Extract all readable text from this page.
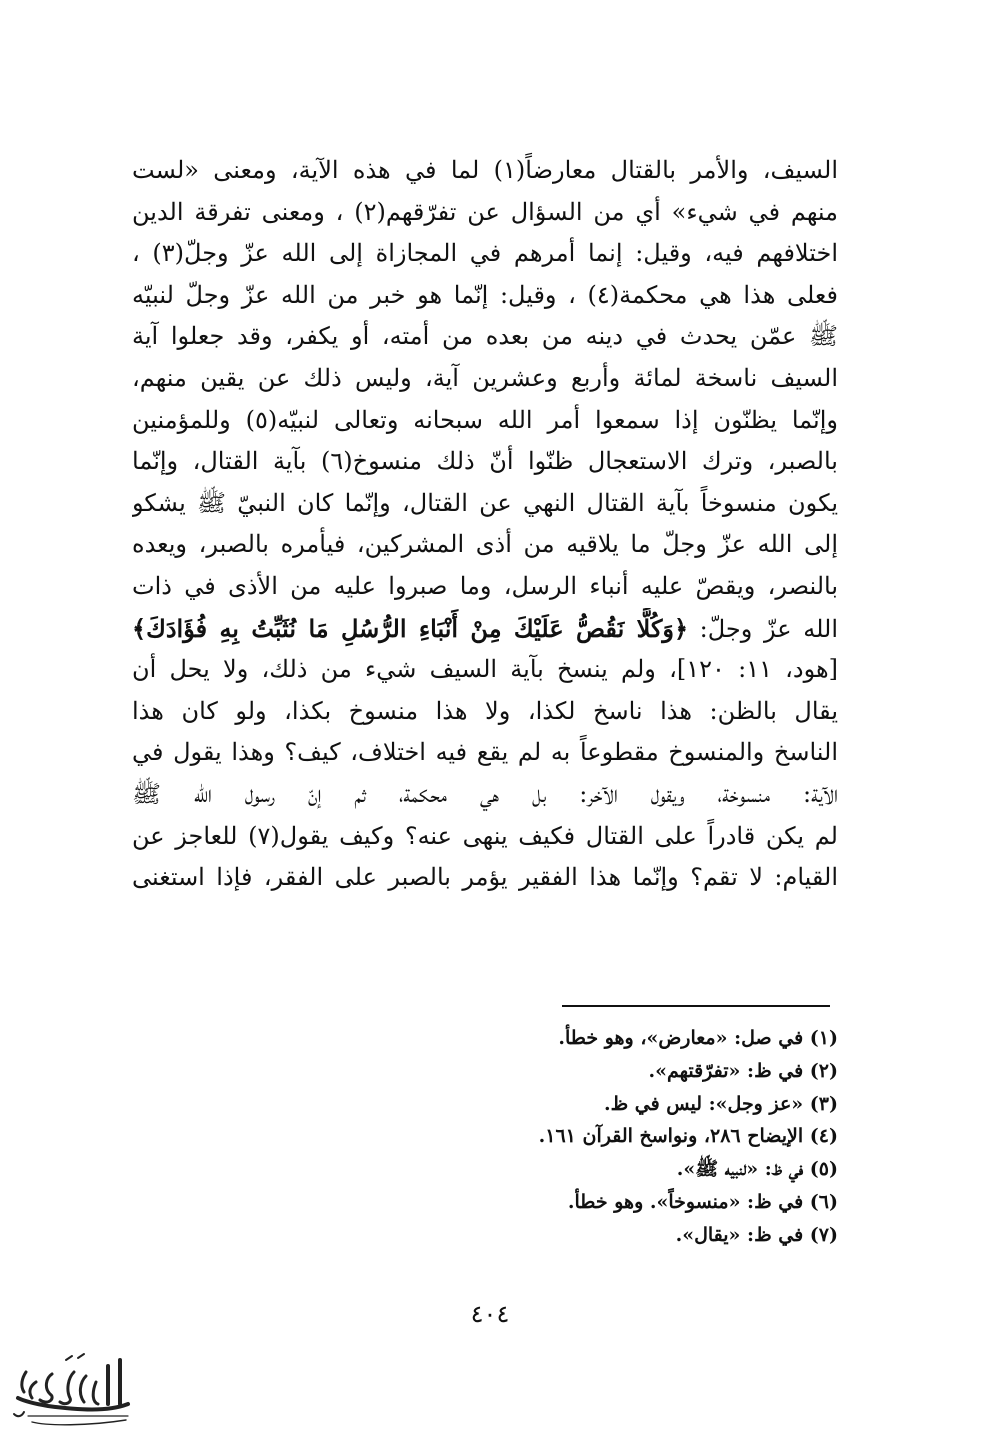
السيف، والأمر بالقتال معارضاً(١) لما في هذه الآية، ومعنى «لست
منهم في شيء» أي من السؤال عن تفرّقهم(٢) ، ومعنى تفرقة الدين
اختلافهم فيه، وقيل: إنما أمرهم في المجازاة إلى الله عزّ وجلّ(٣) ،
فعلى هذا هي محكمة(٤) ، وقيل: إنّما هو خبر من الله عزّ وجلّ لنبيّه
ﷺ عمّن يحدث في دينه من بعده من أمته، أو يكفر، وقد جعلوا آية
السيف ناسخة لمائة وأربع وعشرين آية، وليس ذلك عن يقين منهم،
وإنّما يظنّون إذا سمعوا أمر الله سبحانه وتعالى لنبيّه(٥) وللمؤمنين
بالصبر، وترك الاستعجال ظنّوا أنّ ذلك منسوخ(٦) بآية القتال، وإنّما
يكون منسوخاً بآية القتال النهي عن القتال، وإنّما كان النبيّ ﷺ يشكو
إلى الله عزّ وجلّ ما يلاقيه من أذى المشركين، فيأمره بالصبر، ويعده
بالنصر، ويقصّ عليه أنباء الرسل، وما صبروا عليه من الأذى في ذات
الله عزّ وجلّ: ﴿وَكُلًّا نَقُصُّ عَلَيْكَ مِنْ أَنْبَاءِ الرُّسُلِ مَا نُثَبِّتُ بِهِ فُؤَادَكَ﴾
[هود، ١١: ١٢٠]، ولم ينسخ بآية السيف شيء من ذلك، ولا يحل أن
يقال بالظن: هذا ناسخ لكذا، ولا هذا منسوخ بكذا، ولو كان هذا
الناسخ والمنسوخ مقطوعاً به لم يقع فيه اختلاف، كيف؟ وهذا يقول في
الآية: منسوخة، ويقول الآخر: بل هي محكمة، ثم إنّ رسول الله ﷺ
لم يكن قادراً على القتال فكيف ينهى عنه؟ وكيف يقول(٧) للعاجز عن
القيام: لا تقم؟ وإنّما هذا الفقير يؤمر بالصبر على الفقر، فإذا استغنى
(١) في صل: «معارض»، وهو خطأ.
(٢) في ظ: «تفرّقتهم».
(٣) «عز وجل»: ليس في ظ.
(٤) الإيضاح ٢٨٦، ونواسخ القرآن ١٦١.
(٥) في ظ: «لنبيه ﷺ».
(٦) في ظ: «منسوخاً». وهو خطأ.
(٧) في ظ: «يقال».
٤٠٤
